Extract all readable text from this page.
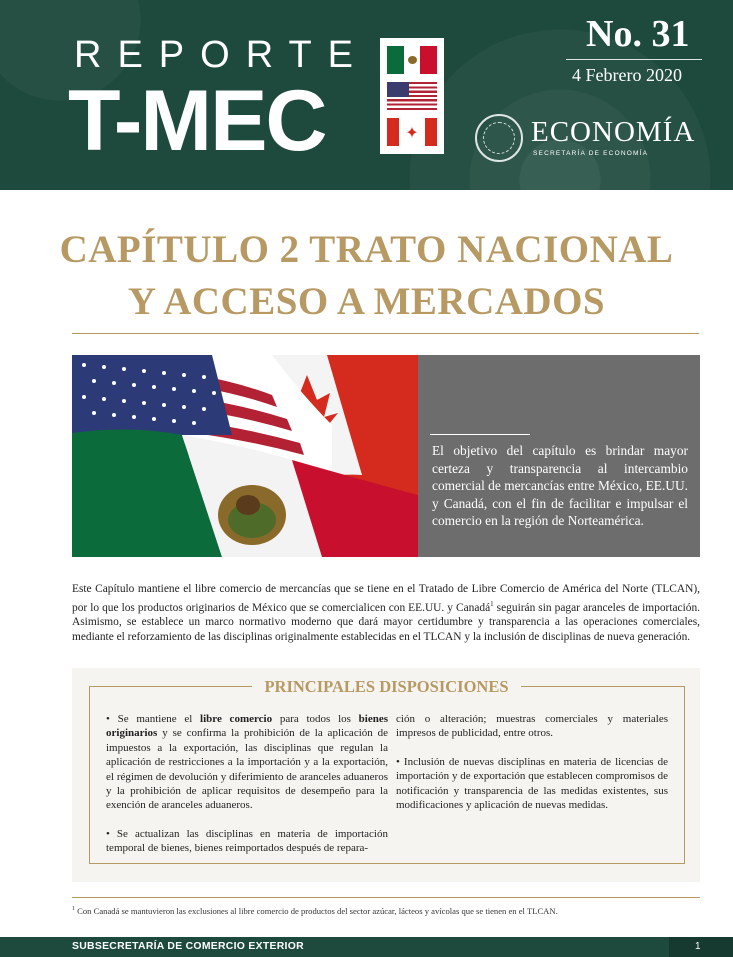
REPORTE
T-MEC	✦
No. 31
4 Febrero 2020
ECONOMÍA
SECRETARÍA DE ECONOMÍA
CAPÍTULO 2 TRATO NACIONAL
Y ACCESO A MERCADOS
El objetivo del capítulo es brindar mayor certeza y transparencia al intercambio comercial de mercancías entre México, EE.UU. y Canadá, con el fin de facilitar e impulsar el comercio en la región de Norteamérica.
Este Capítulo mantiene el libre comercio de mercancías que se tiene en el Tratado de Libre Comercio de América del Norte (TLCAN), por lo que los productos originarios de México que se comercialicen con EE.UU. y Canadá$^1$ seguirán sin pagar aranceles de importación. Asimismo, se establece un marco normativo moderno que dará mayor certidumbre y transparencia a las operaciones comerciales, mediante el reforzamiento de las disciplinas originalmente establecidas en el TLCAN y la inclusión de disciplinas de nueva generación.
PRINCIPALES DISPOSICIONES

• Se mantiene el libre comercio para todos los bienes originarios y se confirma la prohibición de la aplicación de impuestos a la exportación, las disciplinas que regulan la aplicación de restricciones a la importación y a la exportación, el régimen de devolución y diferimiento de aranceles aduaneros y la prohibición de aplicar requisitos de desempeño para la exención de aranceles aduaneros.

• Se actualizan las disciplinas en materia de importación temporal de bienes, bienes reimportados después de repara-

ción o alteración; muestras comerciales y materiales impresos de publicidad, entre otros.

• Inclusión de nuevas disciplinas en materia de licencias de importación y de exportación que establecen compromisos de notificación y transparencia de las medidas existentes, sus modificaciones y aplicación de nuevas medidas.

$^1$ Con Canadá se mantuvieron las exclusiones al libre comercio de productos del sector azúcar, lácteos y avícolas que se tienen en el TLCAN.
SUBSECRETARÍA DE COMERCIO EXTERIOR	1
